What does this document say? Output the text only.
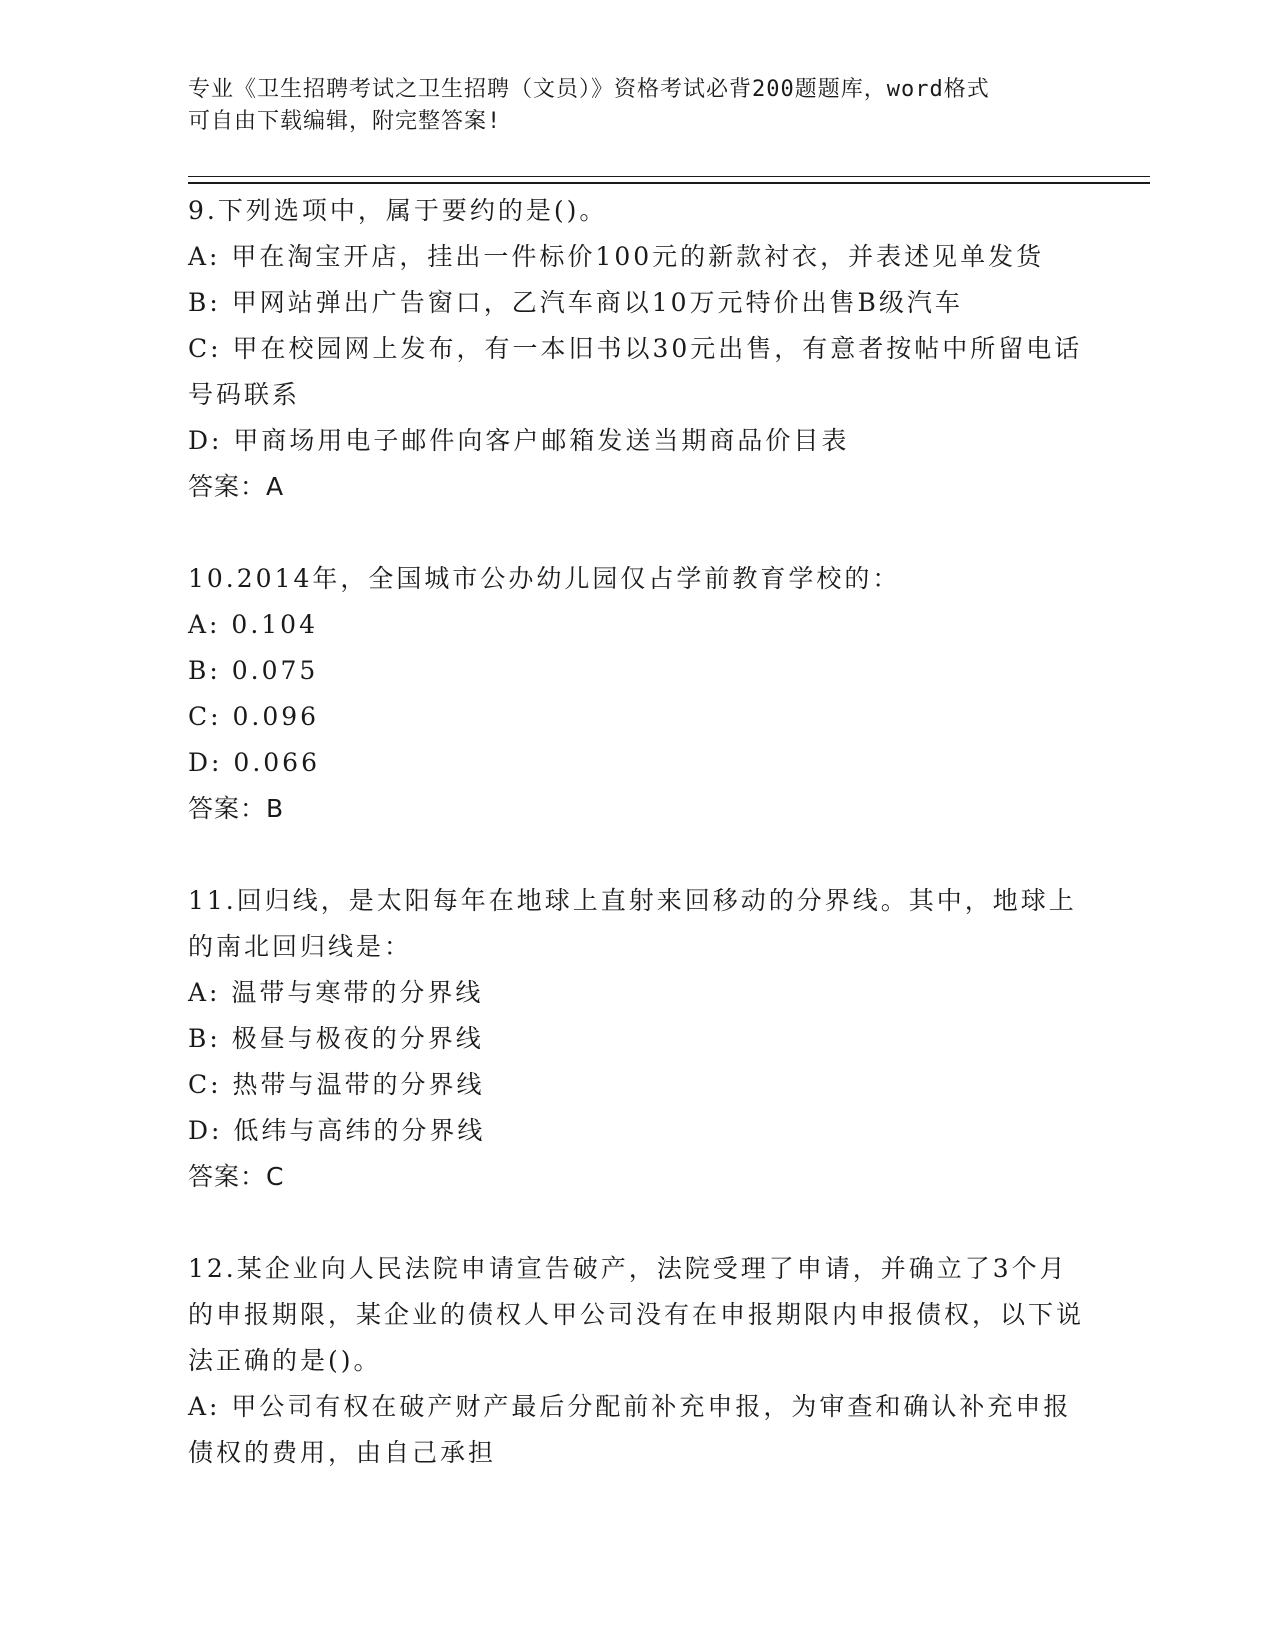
专业《卫生招聘考试之卫生招聘（文员）》资格考试必背200题题库，word格式
可自由下载编辑，附完整答案!

9.下列选项中，属于要约的是()。

A: 甲在淘宝开店，挂出一件标价100元的新款衬衣，并表述见单发货

B: 甲网站弹出广告窗口，乙汽车商以10万元特价出售B级汽车

C: 甲在校园网上发布，有一本旧书以30元出售，有意者按帖中所留电话号码联系

D: 甲商场用电子邮件向客户邮箱发送当期商品价目表

答案：A

10.2014年，全国城市公办幼儿园仅占学前教育学校的：

A: 0.104

B: 0.075

C: 0.096

D: 0.066

答案：B

11.回归线，是太阳每年在地球上直射来回移动的分界线。其中，地球上的南北回归线是：

A: 温带与寒带的分界线

B: 极昼与极夜的分界线

C: 热带与温带的分界线

D: 低纬与高纬的分界线

答案：C

12.某企业向人民法院申请宣告破产，法院受理了申请，并确立了3个月的申报期限，某企业的债权人甲公司没有在申报期限内申报债权，以下说法正确的是()。

A: 甲公司有权在破产财产最后分配前补充申报，为审查和确认补充申报债权的费用，由自己承担
